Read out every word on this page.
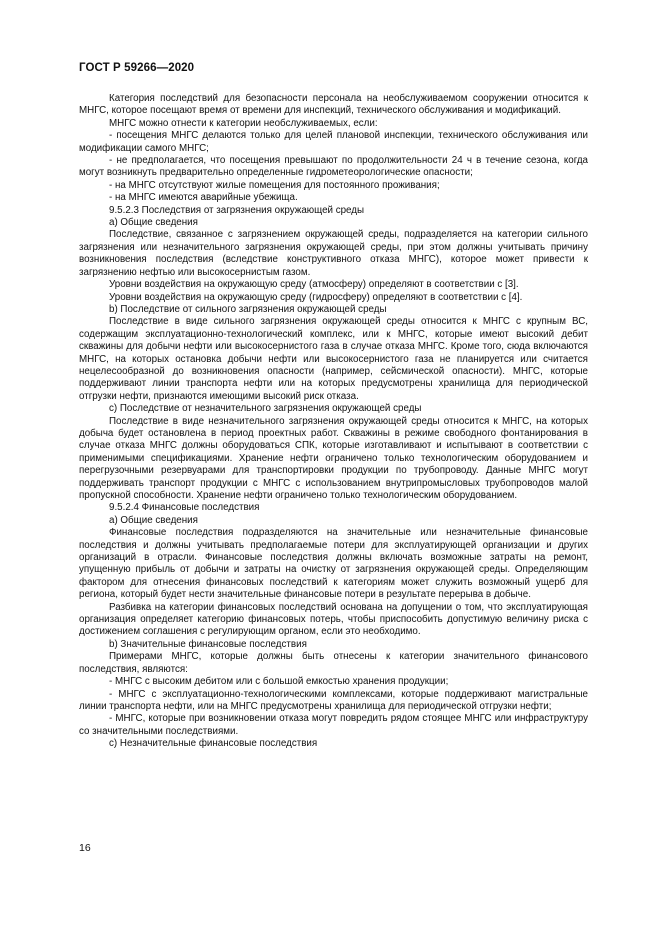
ГОСТ Р 59266—2020

Категория последствий для безопасности персонала на необслуживаемом сооружении относится к МНГС, которое посещают время от времени для инспекций, технического обслуживания и модификаций.

МНГС можно отнести к категории необслуживаемых, если:

- посещения МНГС делаются только для целей плановой инспекции, технического обслуживания или модификации самого МНГС;

- не предполагается, что посещения превышают по продолжительности 24 ч в течение сезона, когда могут возникнуть предварительно определенные гидрометеорологические опасности;

- на МНГС отсутствуют жилые помещения для постоянного проживания;

- на МНГС имеются аварийные убежища.

9.5.2.3 Последствия от загрязнения окружающей среды

а) Общие сведения

Последствие, связанное с загрязнением окружающей среды, подразделяется на категории сильного загрязнения или незначительного загрязнения окружающей среды, при этом должны учитывать причину возникновения последствия (вследствие конструктивного отказа МНГС), которое может привести к загрязнению нефтью или высокосернистым газом.

Уровни воздействия на окружающую среду (атмосферу) определяют в соответствии с [3].

Уровни воздействия на окружающую среду (гидросферу) определяют в соответствии с [4].

b) Последствие от сильного загрязнения окружающей среды

Последствие в виде сильного загрязнения окружающей среды относится к МНГС с крупным ВС, содержащим эксплуатационно-технологический комплекс, или к МНГС, которые имеют высокий дебит скважины для добычи нефти или высокосернистого газа в случае отказа МНГС. Кроме того, сюда включаются МНГС, на которых остановка добычи нефти или высокосернистого газа не планируется или считается нецелесообразной до возникновения опасности (например, сейсмической опасности). МНГС, которые поддерживают линии транспорта нефти или на которых предусмотрены хранилища для периодической отгрузки нефти, признаются имеющими высокий риск отказа.

с) Последствие от незначительного загрязнения окружающей среды

Последствие в виде незначительного загрязнения окружающей среды относится к МНГС, на которых добыча будет остановлена в период проектных работ. Скважины в режиме свободного фонтанирования в случае отказа МНГС должны оборудоваться СПК, которые изготавливают и испытывают в соответствии с применимыми спецификациями. Хранение нефти ограничено только технологическим оборудованием и перегрузочными резервуарами для транспортировки продукции по трубопроводу. Данные МНГС могут поддерживать транспорт продукции с МНГС с использованием внутрипромысловых трубопроводов малой пропускной способности. Хранение нефти ограничено только технологическим оборудованием.

9.5.2.4 Финансовые последствия

а) Общие сведения

Финансовые последствия подразделяются на значительные или незначительные финансовые последствия и должны учитывать предполагаемые потери для эксплуатирующей организации и других организаций в отрасли. Финансовые последствия должны включать возможные затраты на ремонт, упущенную прибыль от добычи и затраты на очистку от загрязнения окружающей среды. Определяющим фактором для отнесения финансовых последствий к категориям может служить возможный ущерб для региона, который будет нести значительные финансовые потери в результате перерыва в добыче.

Разбивка на категории финансовых последствий основана на допущении о том, что эксплуатирующая организация определяет категорию финансовых потерь, чтобы приспособить допустимую величину риска с достижением соглашения с регулирующим органом, если это необходимо.

b) Значительные финансовые последствия

Примерами МНГС, которые должны быть отнесены к категории значительного финансового последствия, являются:

- МНГС с высоким дебитом или с большой емкостью хранения продукции;

- МНГС с эксплуатационно-технологическими комплексами, которые поддерживают магистральные линии транспорта нефти, или на МНГС предусмотрены хранилища для периодической отгрузки нефти;

- МНГС, которые при возникновении отказа могут повредить рядом стоящее МНГС или инфраструктуру со значительными последствиями.

с) Незначительные финансовые последствия

16
